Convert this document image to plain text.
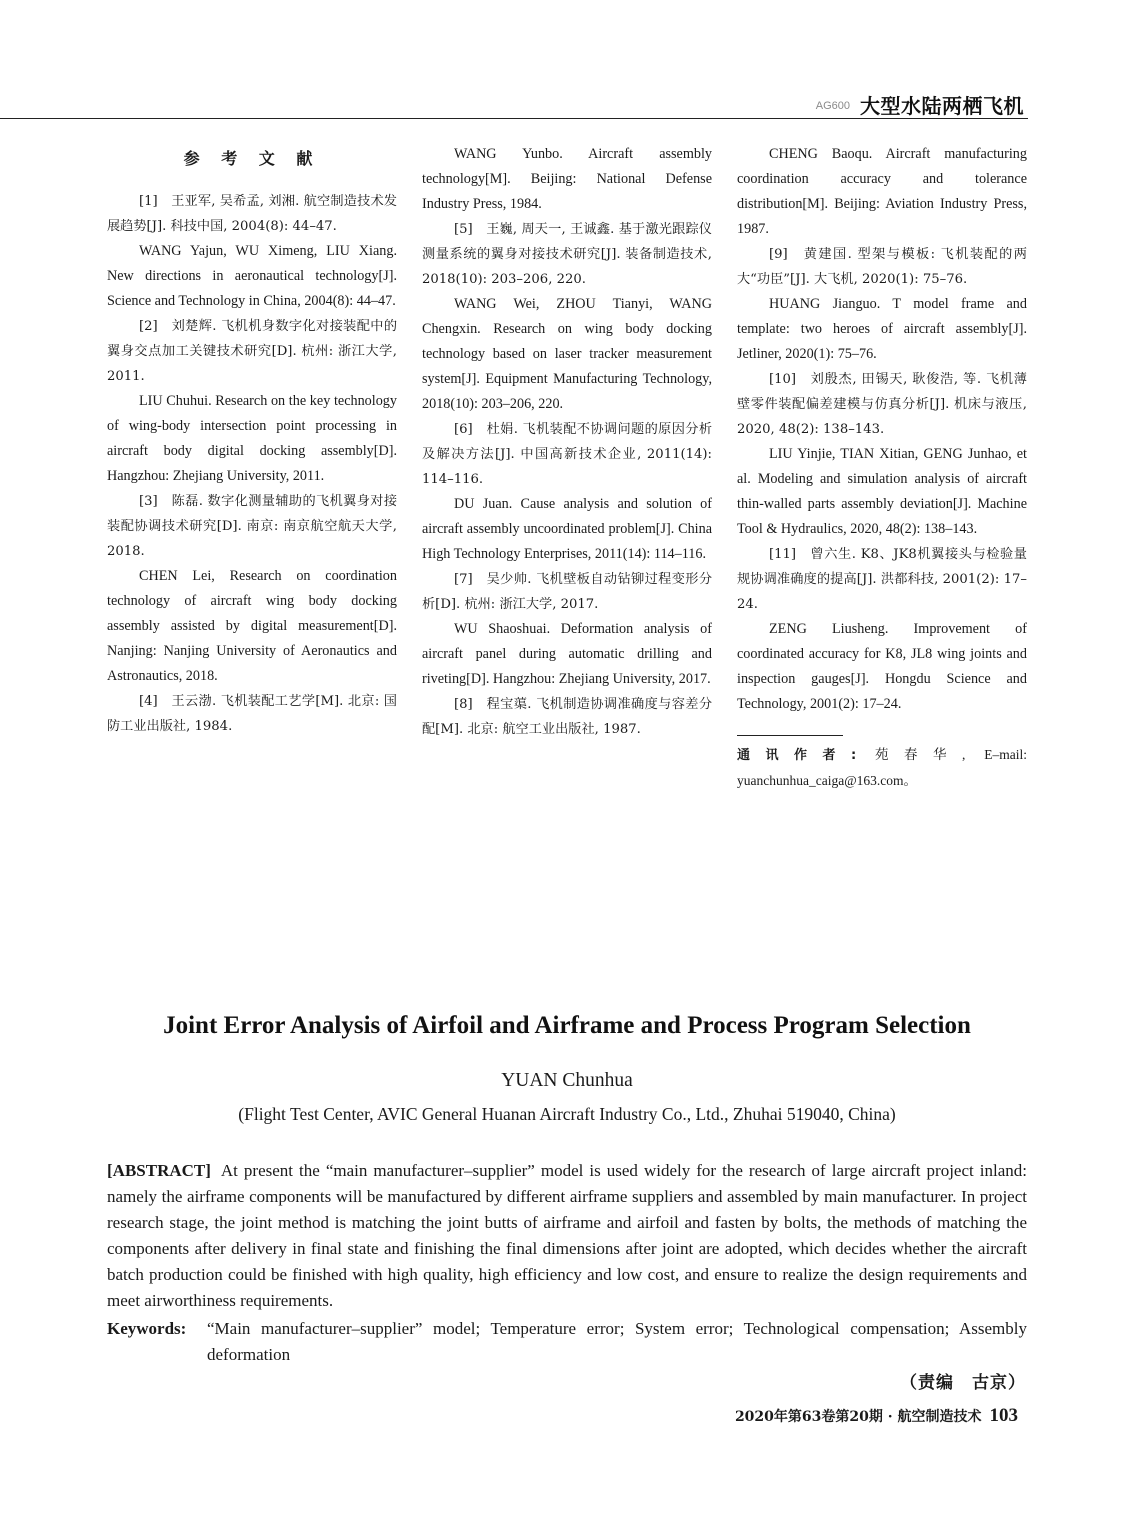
AG600 大型水陆两栖飞机
参 考 文 献

[1]　王亚军, 吴希孟, 刘湘. 航空制造技术发展趋势[J]. 科技中国, 2004(8): 44–47.

WANG Yajun, WU Ximeng, LIU Xiang. New directions in aeronautical technology[J]. Science and Technology in China, 2004(8): 44–47.

[2]　刘楚辉. 飞机机身数字化对接装配中的翼身交点加工关键技术研究[D]. 杭州: 浙江大学, 2011.

LIU Chuhui. Research on the key technology of wing-body intersection point processing in aircraft body digital docking assembly[D]. Hangzhou: Zhejiang University, 2011.

[3]　陈磊. 数字化测量辅助的飞机翼身对接装配协调技术研究[D]. 南京: 南京航空航天大学, 2018.

CHEN Lei, Research on coordination technology of aircraft wing body docking assembly assisted by digital measurement[D]. Nanjing: Nanjing University of Aeronautics and Astronautics, 2018.

[4]　王云渤. 飞机装配工艺学[M]. 北京: 国防工业出版社, 1984.

WANG Yunbo. Aircraft assembly technology[M]. Beijing: National Defense Industry Press, 1984.

[5]　王巍, 周天一, 王诚鑫. 基于激光跟踪仪测量系统的翼身对接技术研究[J]. 装备制造技术, 2018(10): 203–206, 220.

WANG Wei, ZHOU Tianyi, WANG Chengxin. Research on wing body docking technology based on laser tracker measurement system[J]. Equipment Manufacturing Technology, 2018(10): 203–206, 220.

[6]　杜娟. 飞机装配不协调问题的原因分析及解决方法[J]. 中国高新技术企业, 2011(14): 114–116.

DU Juan. Cause analysis and solution of aircraft assembly uncoordinated problem[J]. China High Technology Enterprises, 2011(14): 114–116.

[7]　吴少帅. 飞机壁板自动钻铆过程变形分析[D]. 杭州: 浙江大学, 2017.

WU Shaoshuai. Deformation analysis of aircraft panel during automatic drilling and riveting[D]. Hangzhou: Zhejiang University, 2017.

[8]　程宝蕖. 飞机制造协调准确度与容差分配[M]. 北京: 航空工业出版社, 1987.

CHENG Baoqu. Aircraft manufacturing coordination accuracy and tolerance distribution[M]. Beijing: Aviation Industry Press, 1987.

[9]　黄建国. 型架与模板: 飞机装配的两大“功臣”[J]. 大飞机, 2020(1): 75–76.

HUANG Jianguo. T model frame and template: two heroes of aircraft assembly[J]. Jetliner, 2020(1): 75–76.

[10]　刘殷杰, 田锡天, 耿俊浩, 等. 飞机薄壁零件装配偏差建模与仿真分析[J]. 机床与液压, 2020, 48(2): 138–143.

LIU Yinjie, TIAN Xitian, GENG Junhao, et al. Modeling and simulation analysis of aircraft thin-walled parts assembly deviation[J]. Machine Tool & Hydraulics, 2020, 48(2): 138–143.

[11]　曾六生. K8、JK8机翼接头与检验量规协调准确度的提高[J]. 洪都科技, 2001(2): 17–24.

ZENG Liusheng. Improvement of coordinated accuracy for K8, JL8 wing joints and inspection gauges[J]. Hongdu Science and Technology, 2001(2): 17–24.

通讯作者: 苑春华, E–mail: yuanchunhua_caiga@163.com。
Joint Error Analysis of Airfoil and Airframe and Process Program Selection
YUAN Chunhua
(Flight Test Center, AVIC General Huanan Aircraft Industry Co., Ltd., Zhuhai 519040, China)

[ABSTRACT] At present the “main manufacturer–supplier” model is used widely for the research of large aircraft project inland: namely the airframe components will be manufactured by different airframe suppliers and assembled by main manufacturer. In project research stage, the joint method is matching the joint butts of airframe and airfoil and fasten by bolts, the methods of matching the components after delivery in final state and finishing the final dimensions after joint are adopted, which decides whether the aircraft batch production could be finished with high quality, high efficiency and low cost, and ensure to realize the design requirements and meet airworthiness requirements.

Keywords: “Main manufacturer–supplier” model; Temperature error; System error; Technological compensation; Assembly deformation
（责编　古京）
2020年第63卷第20期 · 航空制造技术 103
